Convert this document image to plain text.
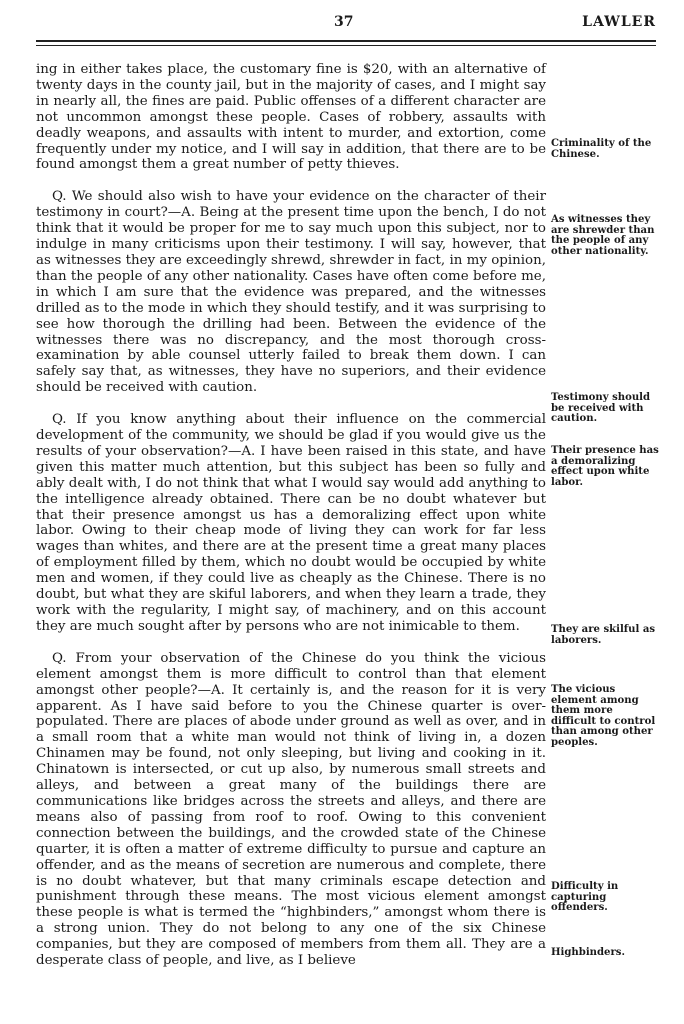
37	LAWLER

ing in either takes place, the customary fine is $20, with an alternative of twenty days in the county jail, but in the majority of cases, and I might say in nearly all, the fines are paid. Public offenses of a different character are not uncommon amongst these people. Cases of robbery, assaults with deadly weapons, and assaults with intent to murder, and extortion, come frequently under my notice, and I will say in addition, that there are to be found amongst them a great number of petty thieves.

Q. We should also wish to have your evidence on the character of their testimony in court?—A. Being at the present time upon the bench, I do not think that it would be proper for me to say much upon this subject, nor to indulge in many criticisms upon their testimony. I will say, however, that as witnesses they are exceedingly shrewd, shrewder in fact, in my opinion, than the people of any other nationality. Cases have often come before me, in which I am sure that the evidence was prepared, and the witnesses drilled as to the mode in which they should testify, and it was surprising to see how thorough the drilling had been. Between the evidence of the witnesses there was no discrepancy, and the most thorough cross-examination by able counsel utterly failed to break them down. I can safely say that, as witnesses, they have no superiors, and their evidence should be received with caution.

Q. If you know anything about their influence on the commercial development of the community, we should be glad if you would give us the results of your observation?—A. I have been raised in this state, and have given this matter much attention, but this subject has been so fully and ably dealt with, I do not think that what I would say would add anything to the intelligence already obtained. There can be no doubt whatever but that their presence amongst us has a demoralizing effect upon white labor. Owing to their cheap mode of living they can work for far less wages than whites, and there are at the present time a great many places of employment filled by them, which no doubt would be occupied by white men and women, if they could live as cheaply as the Chinese. There is no doubt, but what they are skiful laborers, and when they learn a trade, they work with the regularity, I might say, of machinery, and on this account they are much sought after by persons who are not inimicable to them.

Q. From your observation of the Chinese do you think the vicious element amongst them is more difficult to control than that element amongst other people?—A. It certainly is, and the reason for it is very apparent. As I have said before to you the Chinese quarter is over-populated. There are places of abode under ground as well as over, and in a small room that a white man would not think of living in, a dozen Chinamen may be found, not only sleeping, but living and cooking in it. Chinatown is intersected, or cut up also, by numerous small streets and alleys, and between a great many of the buildings there are communications like bridges across the streets and alleys, and there are means also of passing from roof to roof. Owing to this convenient connection between the buildings, and the crowded state of the Chinese quarter, it is often a matter of extreme difficulty to pursue and capture an offender, and as the means of secretion are numerous and complete, there is no doubt whatever, but that many criminals escape detection and punishment through these means. The most vicious element amongst these people is what is termed the “highbinders,” amongst whom there is a strong union. They do not belong to any one of the six Chinese companies, but they are composed of members from them all. They are a desperate class of people, and live, as I believe

Criminality of the Chinese.
As witnesses they are shrewder than the people of any other nationality.
Testimony should be received with caution.
Their presence has a demoralizing effect upon white labor.
They are skilful as laborers.
The vicious element among them more difficult to control than among other peoples.
Difficulty in capturing offenders.
Highbinders.
